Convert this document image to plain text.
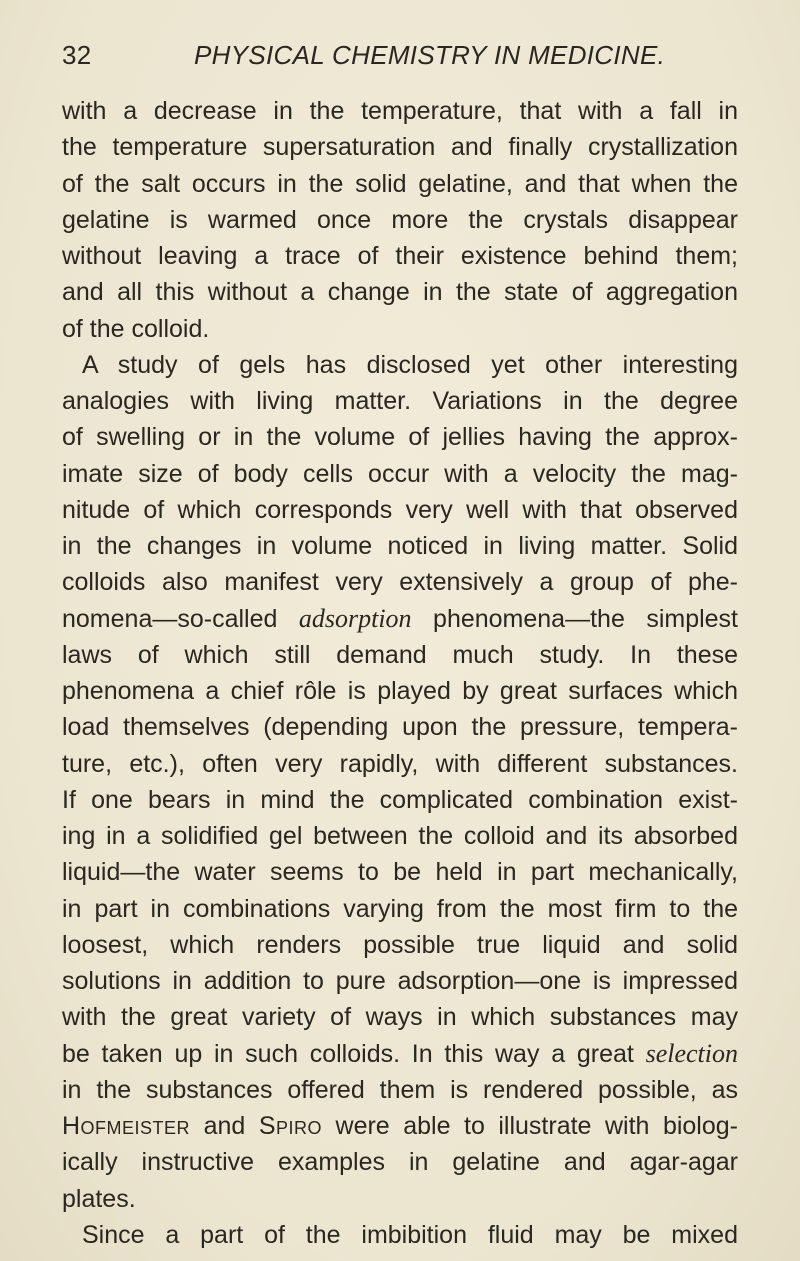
32	PHYSICAL CHEMISTRY IN MEDICINE.
with a decrease in the temperature, that with a fall in
the temperature supersaturation and finally crystallization
of the salt occurs in the solid gelatine, and that when the
gelatine is warmed once more the crystals disappear
without leaving a trace of their existence behind them;
and all this without a change in the state of aggregation
of the colloid.
A study of gels has disclosed yet other interesting
analogies with living matter. Variations in the degree
of swelling or in the volume of jellies having the approx-
imate size of body cells occur with a velocity the mag-
nitude of which corresponds very well with that observed
in the changes in volume noticed in living matter. Solid
colloids also manifest very extensively a group of phe-
nomena—so-called adsorption phenomena—the simplest
laws of which still demand much study. In these
phenomena a chief rôle is played by great surfaces which
load themselves (depending upon the pressure, tempera-
ture, etc.), often very rapidly, with different substances.
If one bears in mind the complicated combination exist-
ing in a solidified gel between the colloid and its absorbed
liquid—the water seems to be held in part mechanically,
in part in combinations varying from the most firm to the
loosest, which renders possible true liquid and solid
solutions in addition to pure adsorption—one is impressed
with the great variety of ways in which substances may
be taken up in such colloids. In this way a great selection
in the substances offered them is rendered possible, as
Hofmeister and Spiro were able to illustrate with biolog-
ically instructive examples in gelatine and agar-agar
plates.
Since a part of the imbibition fluid may be mixed
